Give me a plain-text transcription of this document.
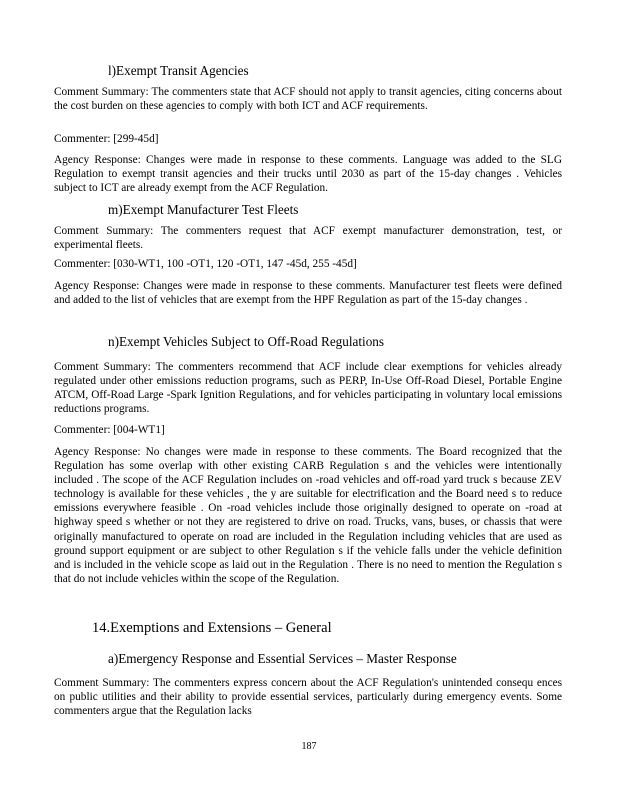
l)Exempt Transit Agencies
Comment Summary: The commenters state that ACF should not apply to transit agencies, citing concerns about the cost burden on these agencies to comply with both ICT and ACF requirements.
Commenter: [299-45d]
Agency Response: Changes were made in response to these comments. Language was added to the SLG Regulation to exempt transit agencies and their trucks until 2030 as part of the 15-day changes . Vehicles subject to ICT are already exempt from the ACF Regulation.
m)Exempt Manufacturer Test Fleets
Comment Summary: The commenters request that ACF exempt manufacturer demonstration, test, or experimental fleets.
Commenter: [030-WT1, 100 -OT1, 120 -OT1, 147 -45d, 255 -45d]
Agency Response: Changes were made in response to these comments. Manufacturer test fleets were defined and added to the list of vehicles that are exempt from the HPF Regulation as part of the 15-day changes .
n)Exempt Vehicles Subject to Off-Road Regulations
Comment Summary: The commenters recommend that ACF include clear exemptions for vehicles already regulated under other emissions reduction programs, such as PERP, In-Use Off-Road Diesel, Portable Engine ATCM, Off-Road Large -Spark Ignition Regulations, and for vehicles participating in voluntary local emissions reductions programs.
Commenter: [004-WT1]
Agency Response: No changes were made in response to these comments. The Board recognized that the Regulation has some overlap with other existing CARB Regulation s and the vehicles were intentionally included . The scope of the ACF Regulation includes on -road vehicles and off-road yard truck s because ZEV technology is available for these vehicles , the y are suitable for electrification and the Board need s to reduce emissions everywhere feasible . On -road vehicles include those originally designed to operate on -road at highway speed s whether or not they are registered to drive on road. Trucks, vans, buses, or chassis that were originally manufactured to operate on road are included in the Regulation including vehicles that are used as ground support equipment or are subject to other Regulation s if the vehicle falls under the vehicle definition and is included in the vehicle scope as laid out in the Regulation . There is no need to mention the Regulation s that do not include vehicles within the scope of the Regulation.
14.Exemptions and Extensions – General
a)Emergency Response and Essential Services – Master Response
Comment Summary: The commenters express concern about the ACF Regulation's unintended consequ ences on public utilities and their ability to provide essential services, particularly during emergency events. Some commenters argue that the Regulation lacks
187
